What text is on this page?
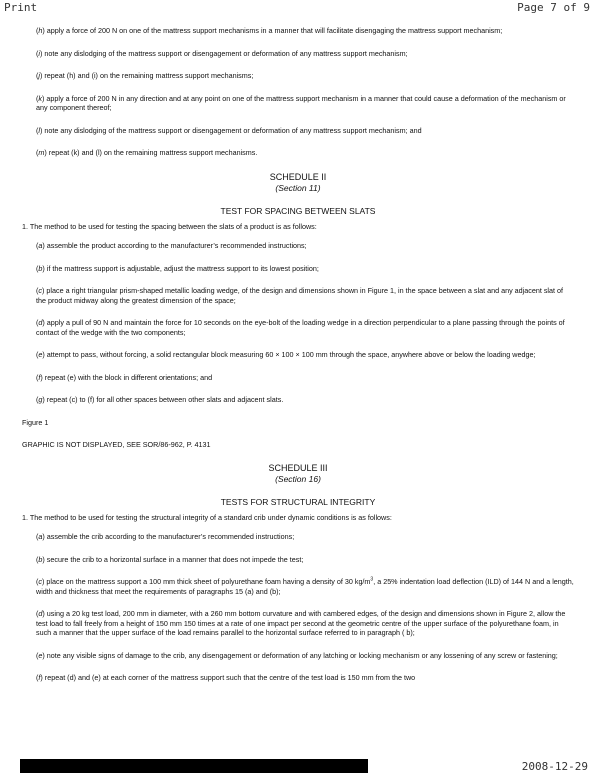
Print	Page 7 of 9

(h) apply a force of 200 N on one of the mattress support mechanisms in a manner that will facilitate disengaging the mattress support mechanism;

(i) note any dislodging of the mattress support or disengagement or deformation of any mattress support mechanism;

(j) repeat (h) and (i) on the remaining mattress support mechanisms;

(k) apply a force of 200 N in any direction and at any point on one of the mattress support mechanism in a manner that could cause a deformation of the mechanism or any component thereof;

(l) note any dislodging of the mattress support or disengagement or deformation of any mattress support mechanism; and

(m) repeat (k) and (l) on the remaining mattress support mechanisms.

SCHEDULE II

(Section 11)

TEST FOR SPACING BETWEEN SLATS

1. The method to be used for testing the spacing between the slats of a product is as follows:

(a) assemble the product according to the manufacturer’s recommended instructions;

(b) if the mattress support is adjustable, adjust the mattress support to its lowest position;

(c) place a right triangular prism-shaped metallic loading wedge, of the design and dimensions shown in Figure 1, in the space between a slat and any adjacent slat of the product midway along the greatest dimension of the space;

(d) apply a pull of 90 N and maintain the force for 10 seconds on the eye-bolt of the loading wedge in a direction perpendicular to a plane passing through the points of contact of the wedge with the two components;

(e) attempt to pass, without forcing, a solid rectangular block measuring 60 × 100 × 100 mm through the space, anywhere above or below the loading wedge;

(f) repeat (e) with the block in different orientations; and

(g) repeat (c) to (f) for all other spaces between other slats and adjacent slats.

Figure 1

GRAPHIC IS NOT DISPLAYED, SEE SOR/86-962, P. 4131

SCHEDULE III

(Section 16)

TESTS FOR STRUCTURAL INTEGRITY

1. The method to be used for testing the structural integrity of a standard crib under dynamic conditions is as follows:

(a) assemble the crib according to the manufacturer’s recommended instructions;

(b) secure the crib to a horizontal surface in a manner that does not impede the test;

(c) place on the mattress support a 100 mm thick sheet of polyurethane foam having a density of 30 $kg/m^3$, a 25% indentation load deflection (ILD) of 144 N and a length, width and thickness that meet the requirements of paragraphs 15 (a) and (b);

(d) using a 20 kg test load, 200 mm in diameter, with a 260 mm bottom curvature and with cambered edges, of the design and dimensions shown in Figure 2, allow the test load to fall freely from a height of 150 mm 150 times at a rate of one impact per second at the geometric centre of the upper surface of the polyurethane foam, in such a manner that the upper surface of the load remains parallel to the horizontal surface referred to in paragraph ( b);

(e) note any visible signs of damage to the crib, any disengagement or deformation of any latching or locking mechanism or any lossening of any screw or fastening;

(f) repeat (d) and (e) at each corner of the mattress support such that the centre of the test load is 150 mm from the two

2008-12-29
